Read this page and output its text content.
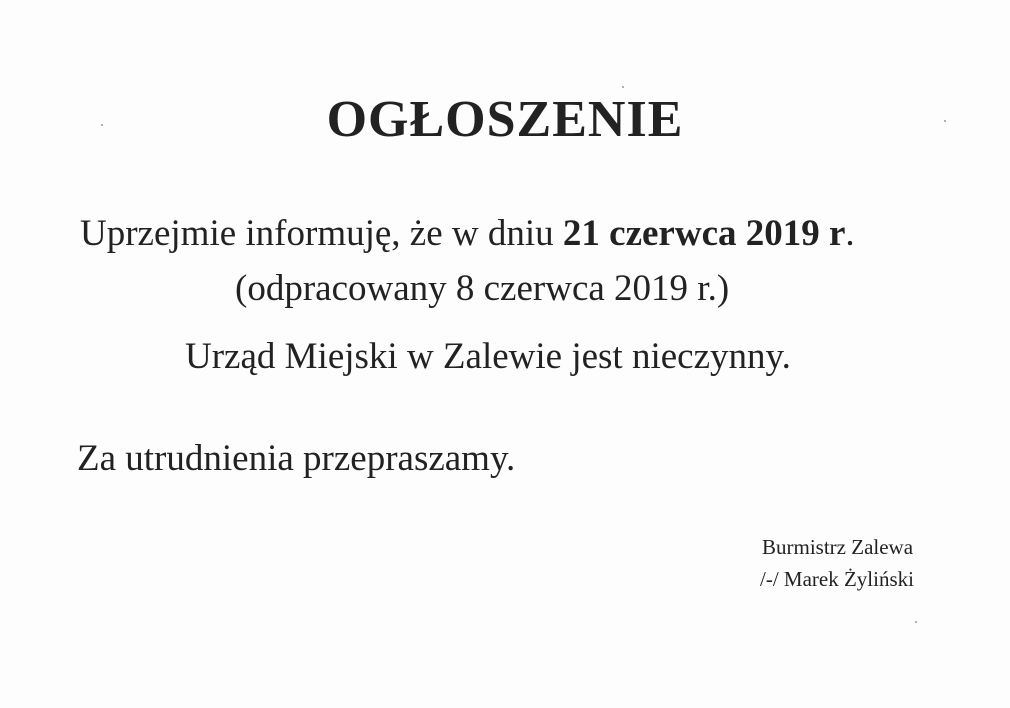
OGŁOSZENIE
Uprzejmie informuję, że w dniu 21 czerwca 2019 r.
(odpracowany 8 czerwca 2019 r.)
Urząd Miejski w Zalewie jest nieczynny.
Za utrudnienia przepraszamy.
Burmistrz Zalewa
/-/ Marek Żyliński
